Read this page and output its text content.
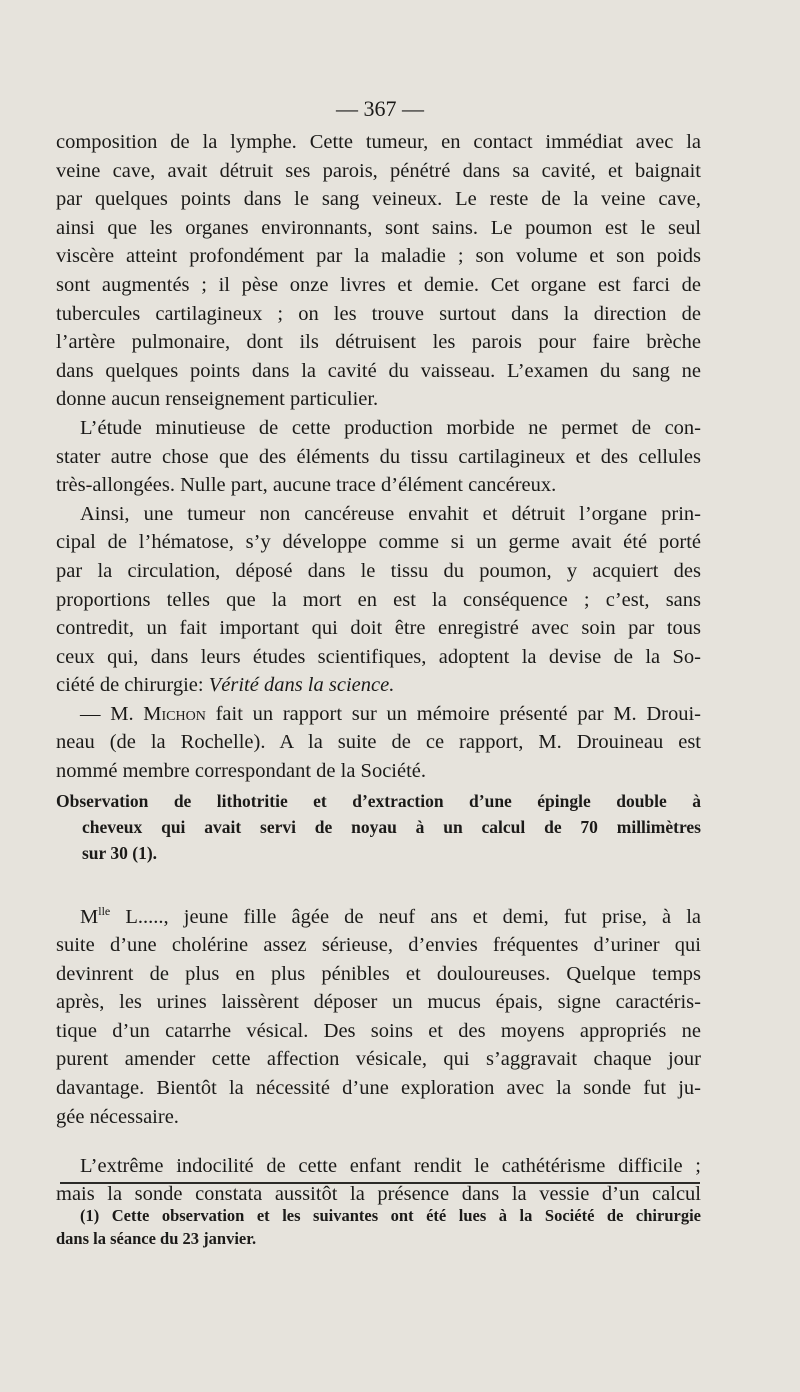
— 367 —

composition de la lymphe. Cette tumeur, en contact immédiat avec la
veine cave, avait détruit ses parois, pénétré dans sa cavité, et baignait
par quelques points dans le sang veineux. Le reste de la veine cave,
ainsi que les organes environnants, sont sains. Le poumon est le seul
viscère atteint profondément par la maladie ; son volume et son poids
sont augmentés ; il pèse onze livres et demie. Cet organe est farci de
tubercules cartilagineux ; on les trouve surtout dans la direction de
l’artère pulmonaire, dont ils détruisent les parois pour faire brèche
dans quelques points dans la cavité du vaisseau. L’examen du sang ne
donne aucun renseignement particulier.

L’étude minutieuse de cette production morbide ne permet de con-
stater autre chose que des éléments du tissu cartilagineux et des cellules
très-allongées. Nulle part, aucune trace d’élément cancéreux.

Ainsi, une tumeur non cancéreuse envahit et détruit l’organe prin-
cipal de l’hématose, s’y développe comme si un germe avait été porté
par la circulation, déposé dans le tissu du poumon, y acquiert des
proportions telles que la mort en est la conséquence ; c’est, sans
contredit, un fait important qui doit être enregistré avec soin par tous
ceux qui, dans leurs études scientifiques, adoptent la devise de la So-
ciété de chirurgie: Vérité dans la science.

— M. Michon fait un rapport sur un mémoire présenté par M. Droui-
neau (de la Rochelle). A la suite de ce rapport, M. Drouineau est
nommé membre correspondant de la Société.

Observation de lithotritie et d’extraction d’une épingle double à
cheveux qui avait servi de noyau à un calcul de 70 millimètres
sur 30 (1).

$M^{lle}$ L....., jeune fille âgée de neuf ans et demi, fut prise, à la
suite d’une cholérine assez sérieuse, d’envies fréquentes d’uriner qui
devinrent de plus en plus pénibles et douloureuses. Quelque temps
après, les urines laissèrent déposer un mucus épais, signe caractéris-
tique d’un catarrhe vésical. Des soins et des moyens appropriés ne
purent amender cette affection vésicale, qui s’aggravait chaque jour
davantage. Bientôt la nécessité d’une exploration avec la sonde fut ju-
gée nécessaire.

L’extrême indocilité de cette enfant rendit le cathétérisme difficile ;
mais la sonde constata aussitôt la présence dans la vessie d’un calcul

(1) Cette observation et les suivantes ont été lues à la Société de chirurgie
dans la séance du 23 janvier.
